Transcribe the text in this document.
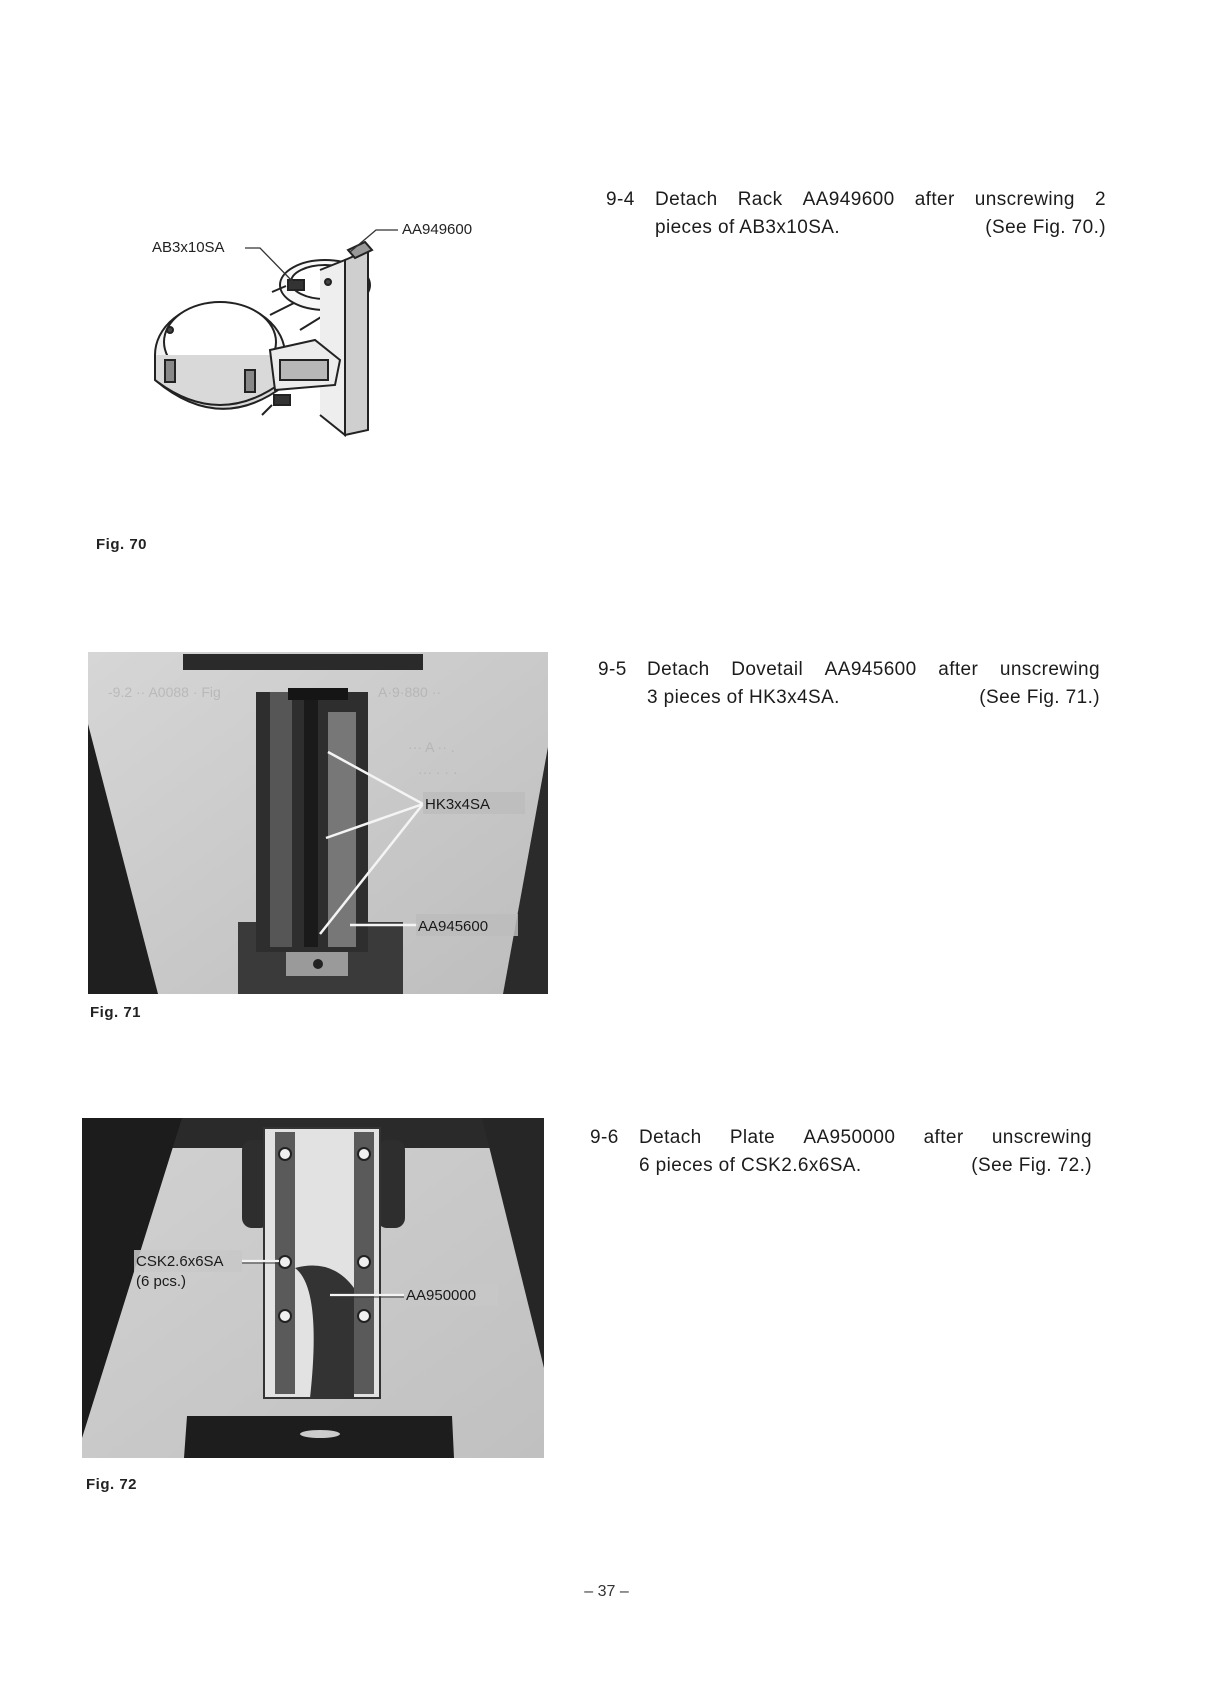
AB3x10SA
AA949600
Fig. 70
9-4 Detach Rack AA949600 after unscrewing 2
pieces of AB3x10SA.	(See Fig. 70.)
-9.2 ·· A0088 · Fig	A·9·880 ··
··· A ·· .
··· · · ·
HK3x4SA
AA945600
Fig. 71
9-5 Detach Dovetail AA945600 after unscrewing
3 pieces of HK3x4SA.	(See Fig. 71.)
CSK2.6x6SA
(6 pcs.)
AA950000
Fig. 72
9-6 Detach Plate AA950000 after unscrewing
6 pieces of CSK2.6x6SA.	(See Fig. 72.)
– 37 –
